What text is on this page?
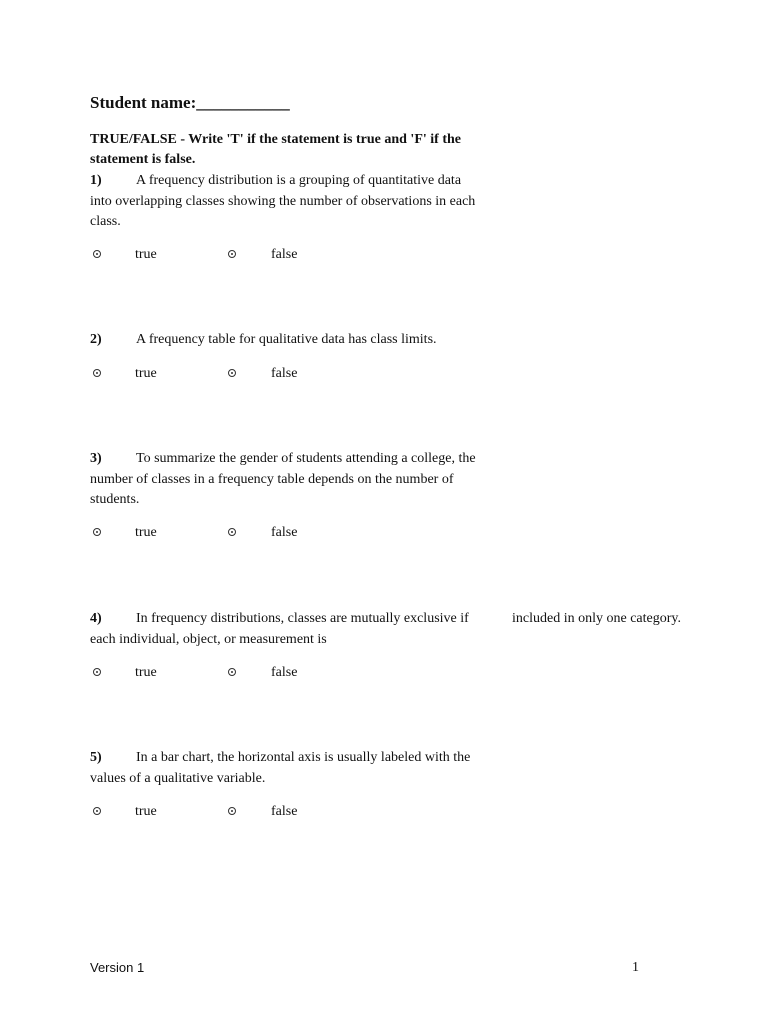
Student name:___________
TRUE/FALSE - Write 'T' if the statement is true and 'F' if the statement is false.
1) A frequency distribution is a grouping of quantitative data into overlapping classes showing the number of observations in each class.
true	false
2) A frequency table for qualitative data has class limits.
true	false
3) To summarize the gender of students attending a college, the number of classes in a frequency table depends on the number of students.
true	false
4) In frequency distributions, classes are mutually exclusive if each individual, object, or measurement is
included in only one category.
true	false
5) In a bar chart, the horizontal axis is usually labeled with the values of a qualitative variable.
true	false
Version 1	1
